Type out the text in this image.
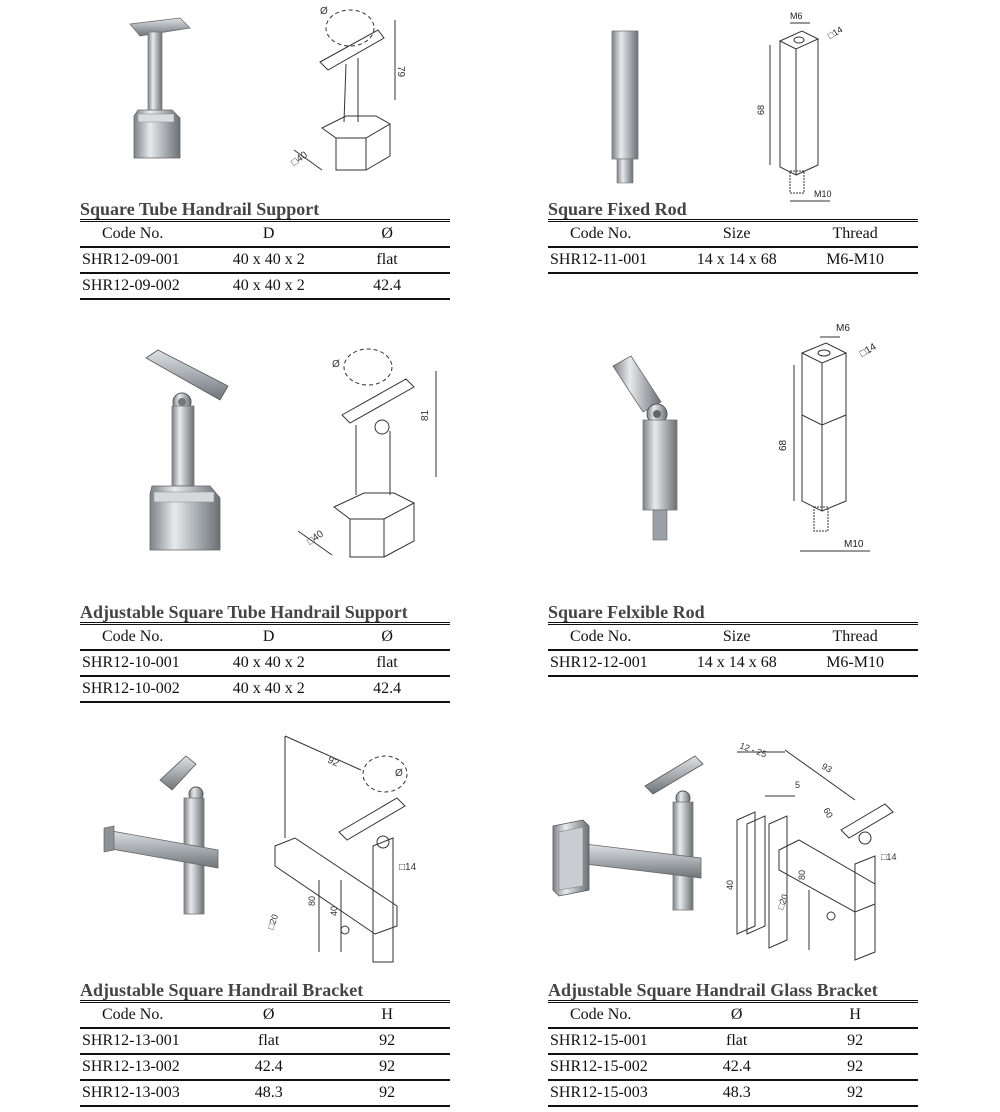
Ø
79
□40
Square Tube Handrail Support
Code No.	D	Ø
SHR12-09-001	40 x 40 x 2	flat
SHR12-09-002	40 x 40 x 2	42.4
M6
□14
68
M10
Square Fixed Rod
Code No.	Size	Thread
SHR12-11-001	14 x 14 x 68	M6-M10
Ø
81
□40
Adjustable Square Tube Handrail Support
Code No.	D	Ø
SHR12-10-001	40 x 40 x 2	flat
SHR12-10-002	40 x 40 x 2	42.4
M6
□14
68
M10
Square Felxible Rod
Code No.	Size	Thread
SHR12-12-001	14 x 14 x 68	M6-M10
92
Ø
□14
80
40
□20
Adjustable Square Handrail Bracket
Code No.	Ø	H
SHR12-13-001	flat	92
SHR12-13-002	42.4	92
SHR12-13-003	48.3	92
12 - 25
93
5
60
□14
40
80
□20
Adjustable Square Handrail Glass Bracket
Code No.	Ø	H
SHR12-15-001	flat	92
SHR12-15-002	42.4	92
SHR12-15-003	48.3	92
